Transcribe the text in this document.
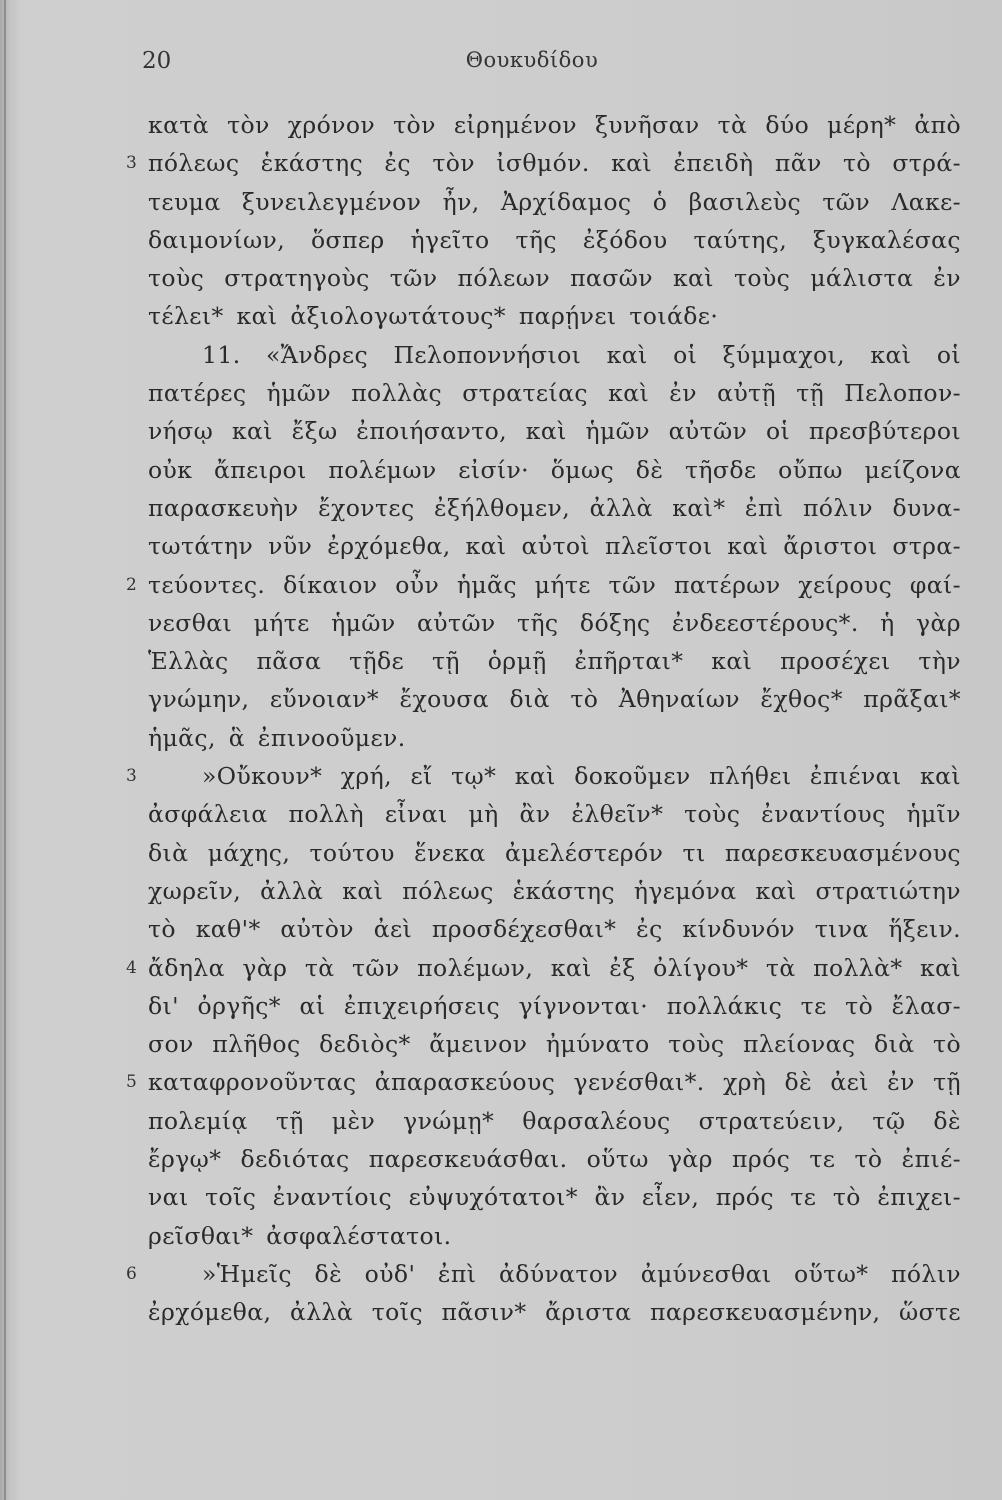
20	Θουκυδίδου
κατὰ τὸν χρόνον τὸν εἰρημένον ξυνῆσαν τὰ δύο μέρη* ἀπὸ
3 πόλεως ἑκάστης ἐς τὸν ἰσθμόν. καὶ ἐπειδὴ πᾶν τὸ στρά-
τευμα ξυνειλεγμένον ἦν, Ἀρχίδαμος ὁ βασιλεὺς τῶν Λακε-
δαιμονίων, ὅσπερ ἡγεῖτο τῆς ἐξόδου ταύτης, ξυγκαλέσας
τοὺς στρατηγοὺς τῶν πόλεων πασῶν καὶ τοὺς μάλιστα ἐν
τέλει* καὶ ἀξιολογωτάτους* παρῄνει τοιάδε·
11. «Ἄνδρες Πελοποννήσιοι καὶ οἱ ξύμμαχοι, καὶ οἱ
πατέρες ἡμῶν πολλὰς στρατείας καὶ ἐν αὐτῇ τῇ Πελοπον-
νήσῳ καὶ ἔξω ἐποιήσαντο, καὶ ἡμῶν αὐτῶν οἱ πρεσβύτεροι
οὐκ ἄπειροι πολέμων εἰσίν· ὅμως δὲ τῆσδε οὔπω μείζονα
παρασκευὴν ἔχοντες ἐξήλθομεν, ἀλλὰ καὶ* ἐπὶ πόλιν δυνα-
τωτάτην νῦν ἐρχόμεθα, καὶ αὐτοὶ πλεῖστοι καὶ ἄριστοι στρα-
2 τεύοντες. δίκαιον οὖν ἡμᾶς μήτε τῶν πατέρων χείρους φαί-
νεσθαι μήτε ἡμῶν αὐτῶν τῆς δόξης ἐνδεεστέρους*. ἡ γὰρ
Ἑλλὰς πᾶσα τῇδε τῇ ὁρμῇ ἐπῆρται* καὶ προσέχει τὴν
γνώμην, εὔνοιαν* ἔχουσα διὰ τὸ Ἀθηναίων ἔχθος* πρᾶξαι*
ἡμᾶς, ἃ ἐπινοοῦμεν.
3	»Οὔκουν* χρή, εἴ τῳ* καὶ δοκοῦμεν πλήθει ἐπιέναι καὶ
ἀσφάλεια πολλὴ εἶναι μὴ ἂν ἐλθεῖν* τοὺς ἐναντίους ἡμῖν
διὰ μάχης, τούτου ἕνεκα ἀμελέστερόν τι παρεσκευασμένους
χωρεῖν, ἀλλὰ καὶ πόλεως ἑκάστης ἡγεμόνα καὶ στρατιώτην
τὸ καθ'* αὐτὸν ἀεὶ προσδέχεσθαι* ἐς κίνδυνόν τινα ἥξειν.
4 ἄδηλα γὰρ τὰ τῶν πολέμων, καὶ ἐξ ὀλίγου* τὰ πολλὰ* καὶ
δι' ὀργῆς* αἱ ἐπιχειρήσεις γίγνονται· πολλάκις τε τὸ ἔλασ-
σον πλῆθος δεδιὸς* ἄμεινον ἠμύνατο τοὺς πλείονας διὰ τὸ
5 καταφρονοῦντας ἀπαρασκεύους γενέσθαι*. χρὴ δὲ ἀεὶ ἐν τῇ
πολεμίᾳ τῇ μὲν γνώμῃ* θαρσαλέους στρατεύειν, τῷ δὲ
ἔργῳ* δεδιότας παρεσκευάσθαι. οὕτω γὰρ πρός τε τὸ ἐπιέ-
ναι τοῖς ἐναντίοις εὐψυχότατοι* ἂν εἶεν, πρός τε τὸ ἐπιχει-
ρεῖσθαι* ἀσφαλέστατοι.
6	»Ἡμεῖς δὲ οὐδ' ἐπὶ ἀδύνατον ἀμύνεσθαι οὕτω* πόλιν
ἐρχόμεθα, ἀλλὰ τοῖς πᾶσιν* ἄριστα παρεσκευασμένην, ὥστε
